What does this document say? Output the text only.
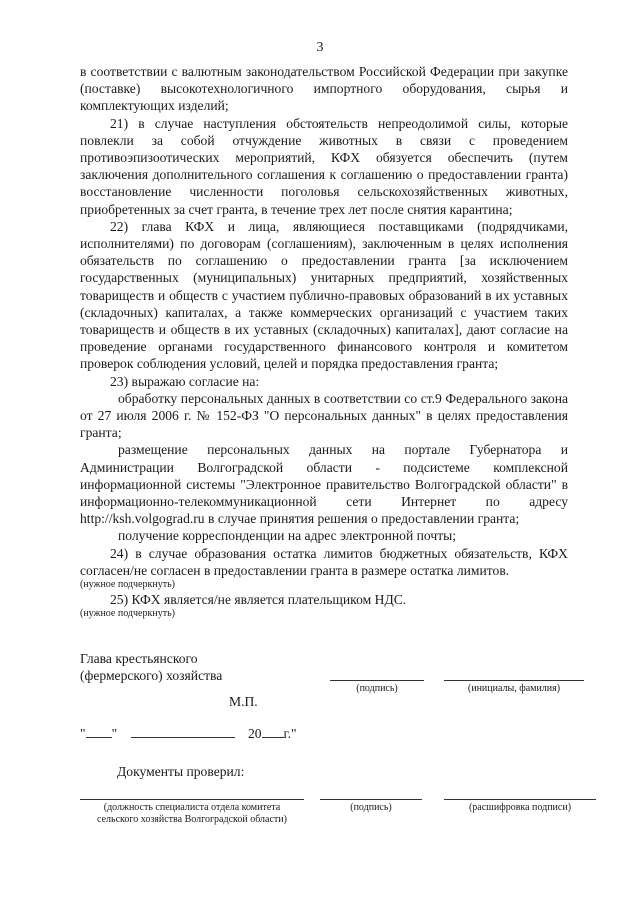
3

в соответствии с валютным законодательством Российской Федерации при закупке (поставке) высокотехнологичного импортного оборудования, сырья и комплектующих изделий;

21) в случае наступления обстоятельств непреодолимой силы, которые повлекли за собой отчуждение животных в связи с проведением противоэпизоотических мероприятий, КФХ обязуется обеспечить (путем заключения дополнительного соглашения к соглашению о предоставлении гранта) восстановление численности поголовья сельскохозяйственных животных, приобретенных за счет гранта, в течение трех лет после снятия карантина;

22) глава КФХ и лица, являющиеся поставщиками (подрядчиками, исполнителями) по договорам (соглашениям), заключенным в целях исполнения обязательств по соглашению о предоставлении гранта [за исключением государственных (муниципальных) унитарных предприятий, хозяйственных товариществ и обществ с участием публично-правовых образований в их уставных (складочных) капиталах, а также коммерческих организаций с участием таких товариществ и обществ в их уставных (складочных) капиталах], дают согласие на проведение органами государственного финансового контроля и комитетом проверок соблюдения условий, целей и порядка предоставления гранта;

23) выражаю согласие на:

обработку персональных данных в соответствии со ст.9 Федерального закона от 27 июля 2006 г. № 152-ФЗ "О персональных данных" в целях предоставления гранта;

размещение персональных данных на портале Губернатора и Администрации Волгоградской области - подсистеме комплексной информационной системы "Электронное правительство Волгоградской области" в информационно-телекоммуникационной сети Интернет по адресу http://ksh.volgograd.ru в случае принятия решения о предоставлении гранта;

получение корреспонденции на адрес электронной почты;

24) в случае образования остатка лимитов бюджетных обязательств, КФХ согласен/не согласен в предоставлении гранта в размере остатка лимитов.

(нужное подчеркнуть)

25) КФХ является/не является плательщиком НДС.

(нужное подчеркнуть)

Глава крестьянского
(фермерского) хозяйства
(подпись)	(инициалы, фамилия)
М.П.
" "	20 г."
Документы проверил:
(должность специалиста отдела комитета сельского хозяйства Волгоградской области)
(подпись)	(расшифровка подписи)
